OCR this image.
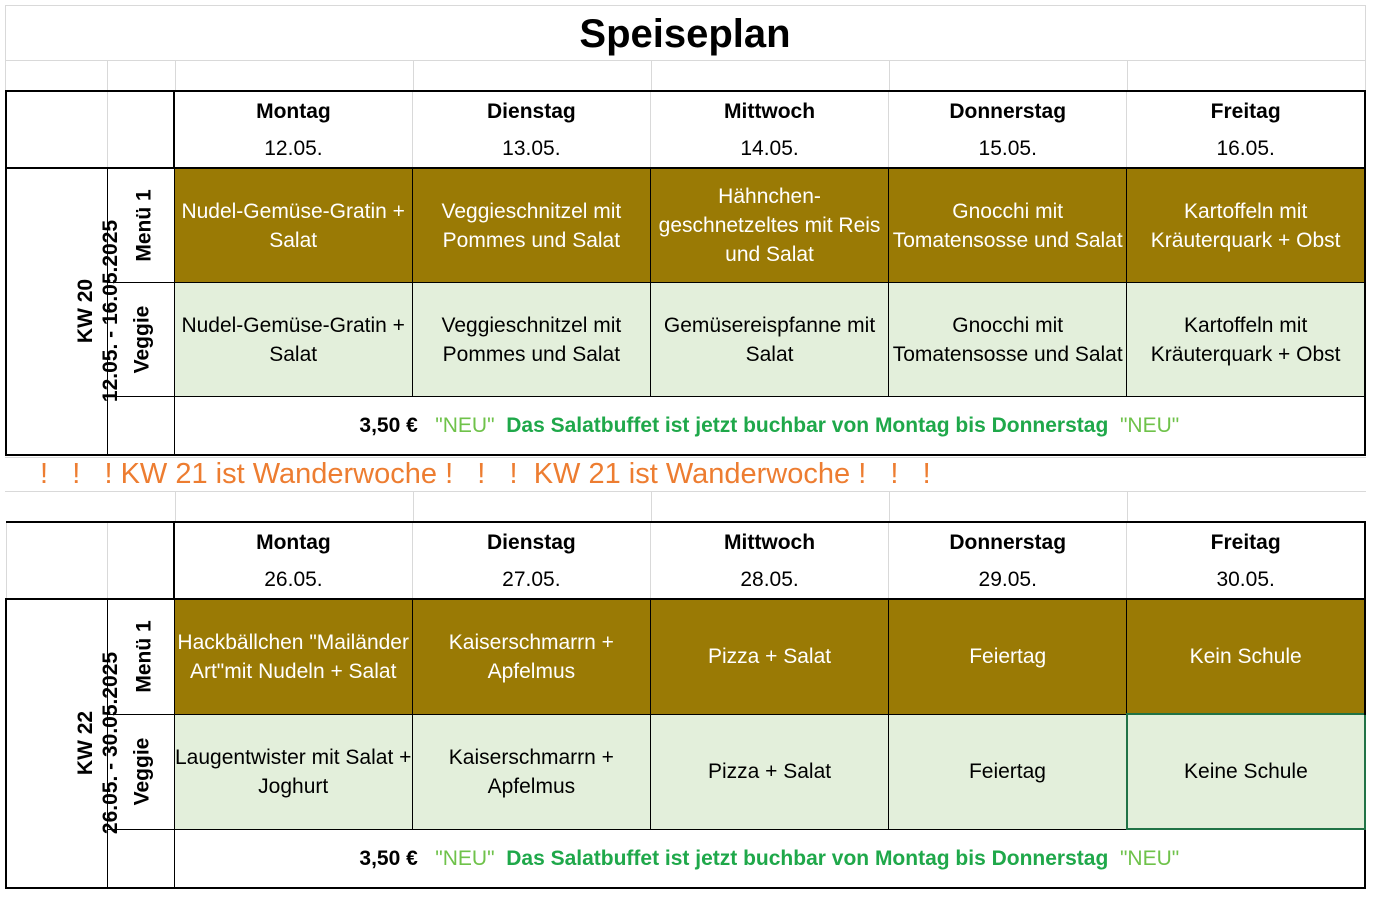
Speiseplan
		Montag	Dienstag	Mittwoch	Donnerstag	Freitag
		12.05.	13.05.	14.05.	15.05.	16.05.
KW 20
12.05. - 16.05.2025	Menü 1	Nudel-Gemüse-Gratin + Salat	Veggieschnitzel mit Pommes und Salat	Hähnchen-geschnetzeltes mit Reis und Salat	Gnocchi mit Tomatensosse und Salat	Kartoffeln mit Kräuterquark + Obst
	Veggie	Nudel-Gemüse-Gratin + Salat	Veggieschnitzel mit Pommes und Salat	Gemüsereispfanne mit Salat	Gnocchi mit Tomatensosse und Salat	Kartoffeln mit Kräuterquark + Obst
		3,50 € "NEU" Das Salatbuffet ist jetzt buchbar von Montag bis Donnerstag "NEU"				
!   !   ! KW 21 ist Wanderwoche !   !   !  KW 21 ist Wanderwoche !   !   !
		Montag	Dienstag	Mittwoch	Donnerstag	Freitag
		26.05.	27.05.	28.05.	29.05.	30.05.
KW 22
26.05. - 30.05.2025	Menü 1	Hackbällchen "Mailänder Art"mit Nudeln + Salat	Kaiserschmarrn + Apfelmus	Pizza + Salat	Feiertag	Kein Schule
	Veggie	Laugentwister mit Salat + Joghurt	Kaiserschmarrn + Apfelmus	Pizza + Salat	Feiertag	Keine Schule
		3,50 € "NEU" Das Salatbuffet ist jetzt buchbar von Montag bis Donnerstag "NEU"				
